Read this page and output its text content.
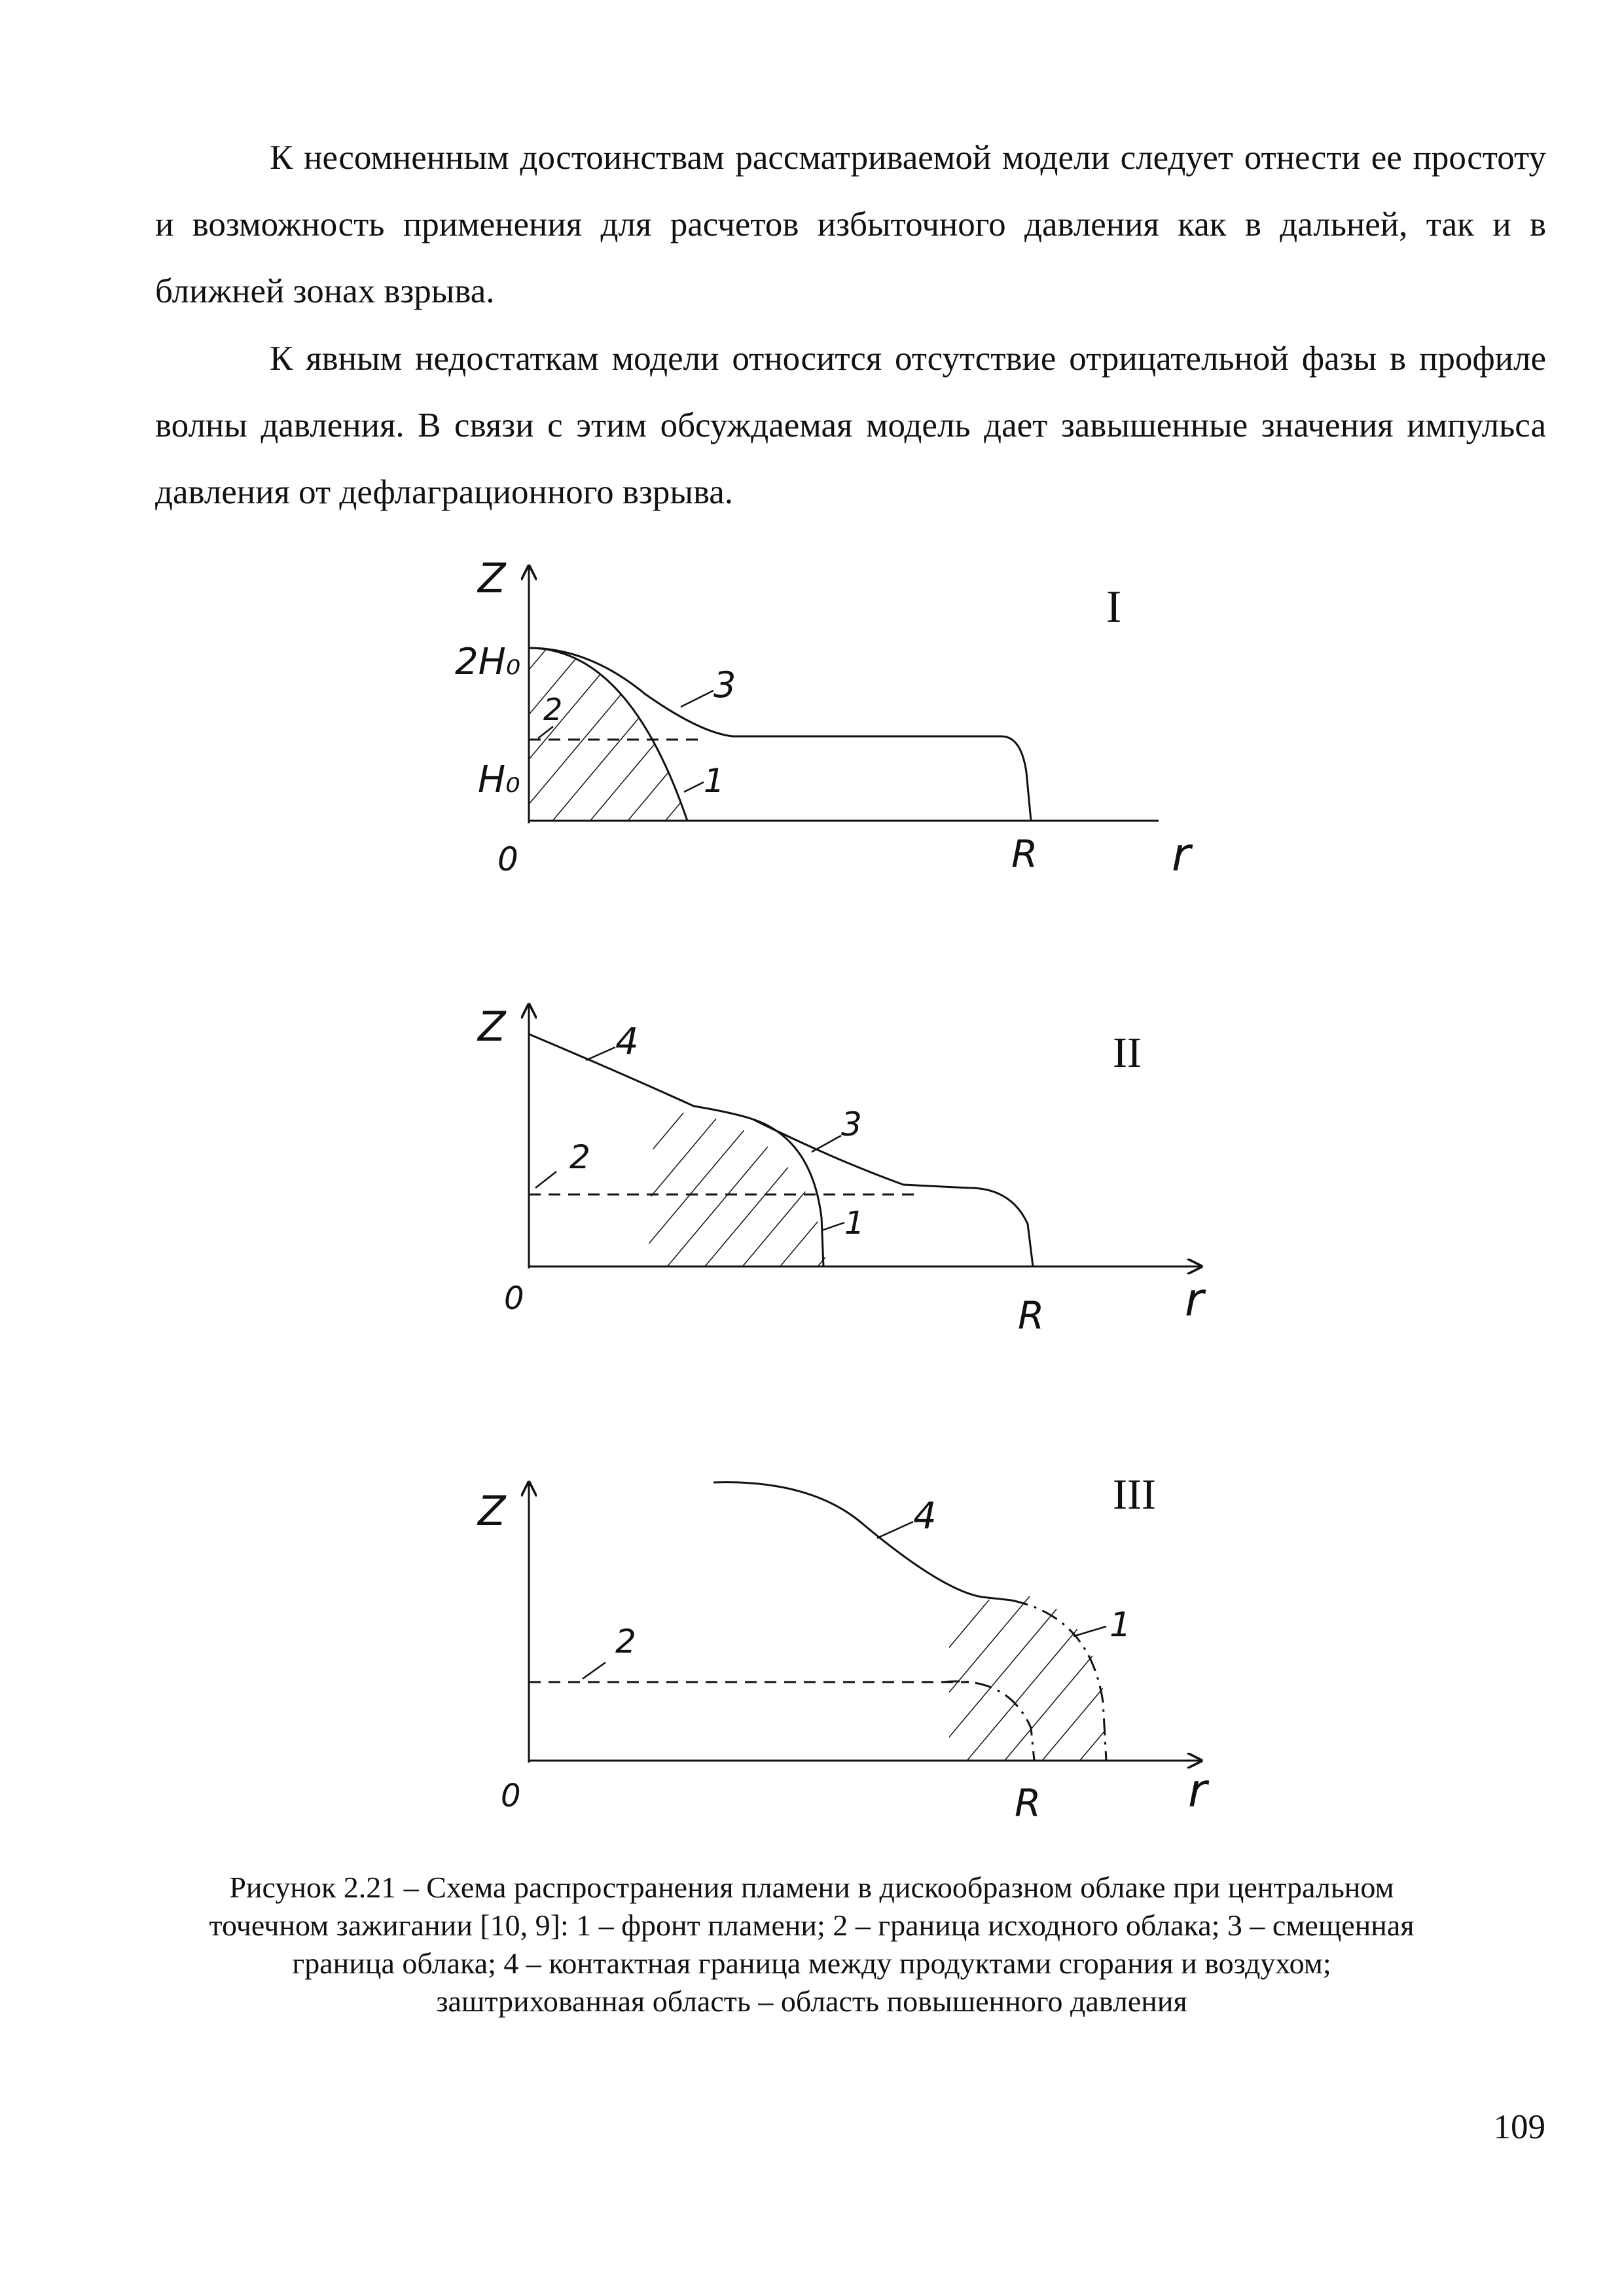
К несомненным достоинствам рассматриваемой модели следует отнести ее простоту и возможность применения для расчетов избыточного давления как в дальней, так и в ближней зонах взрыва.

К явным недостаткам модели относится отсутствие отрицательной фазы в профиле волны давления. В связи с этим обсуждаемая модель дает завышенные значения импульса давления от дефлаграционного взрыва.

Z
2H₀
H₀
0	R	r
I
1
2
3
Z
0	R	r
II
4
3
2
1
Z
0	R	r
III
4
2	1
Рисунок 2.21 – Схема распространения пламени в дискообразном облаке при центральном
точечном зажигании [10, 9]: 1 – фронт пламени; 2 – граница исходного облака; 3 – смещенная
граница облака; 4 – контактная граница между продуктами сгорания и воздухом;
заштрихованная область – область повышенного давления
109
